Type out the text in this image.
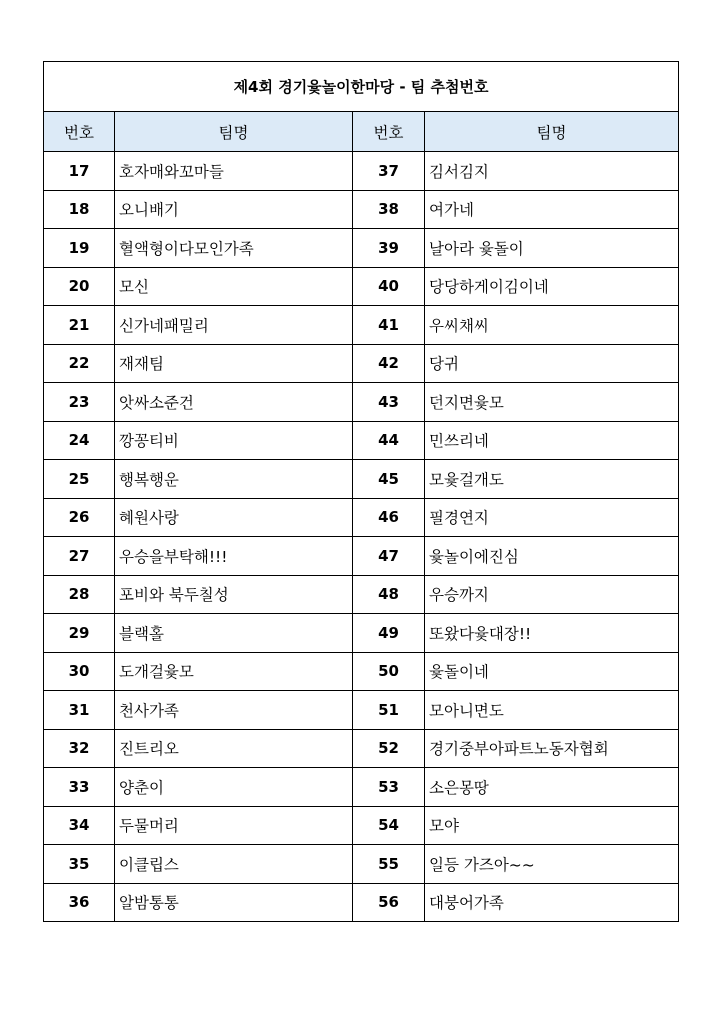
제4회 경기윷놀이한마당 - 팀 추첨번호			
번호	팀명	번호	팀명
17	호자매와꼬마들	37	김서김지
18	오니배기	38	여가네
19	혈액형이다모인가족	39	날아라 윷돌이
20	모신	40	당당하게이김이네
21	신가네패밀리	41	우씨채씨
22	재재팀	42	당귀
23	앗싸소준건	43	던지면윷모
24	깡꽁티비	44	민쓰리네
25	행복행운	45	모윷걸개도
26	혜원사랑	46	필경연지
27	우승을부탁해!!!	47	윷놀이에진심
28	포비와 북두칠성	48	우승까지
29	블랙홀	49	또왔다윷대장!!
30	도개걸윷모	50	윷돌이네
31	천사가족	51	모아니면도
32	진트리오	52	경기중부아파트노동자협회
33	양춘이	53	소은몽땅
34	두물머리	54	모야
35	이클립스	55	일등 가즈아~~
36	알밤통통	56	대붕어가족
